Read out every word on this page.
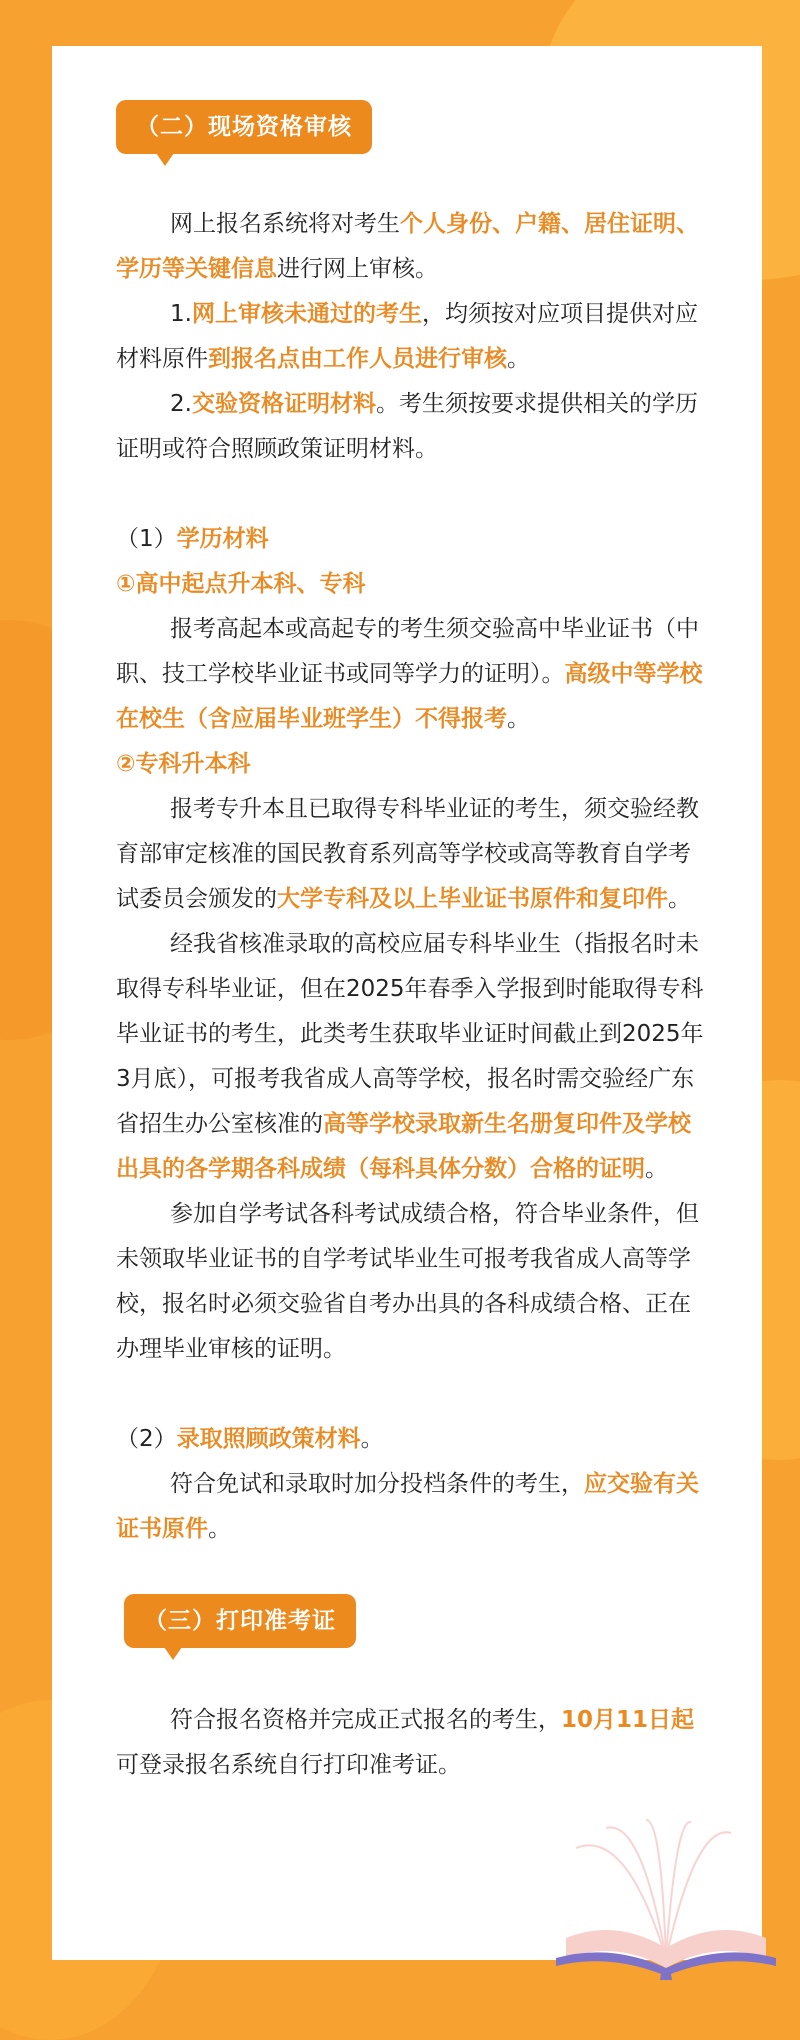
（二）现场资格审核

网上报名系统将对考生个人身份、户籍、居住证明、学历等关键信息进行网上审核。

1.网上审核未通过的考生，均须按对应项目提供对应材料原件到报名点由工作人员进行审核。

2.交验资格证明材料。考生须按要求提供相关的学历证明或符合照顾政策证明材料。

（1）学历材料

①高中起点升本科、专科

报考高起本或高起专的考生须交验高中毕业证书（中职、技工学校毕业证书或同等学力的证明）。高级中等学校在校生（含应届毕业班学生）不得报考。

②专科升本科

报考专升本且已取得专科毕业证的考生，须交验经教育部审定核准的国民教育系列高等学校或高等教育自学考试委员会颁发的大学专科及以上毕业证书原件和复印件。

经我省核准录取的高校应届专科毕业生（指报名时未取得专科毕业证，但在2025年春季入学报到时能取得专科毕业证书的考生，此类考生获取毕业证时间截止到2025年3月底），可报考我省成人高等学校，报名时需交验经广东省招生办公室核准的高等学校录取新生名册复印件及学校出具的各学期各科成绩（每科具体分数）合格的证明。

参加自学考试各科考试成绩合格，符合毕业条件，但未领取毕业证书的自学考试毕业生可报考我省成人高等学校，报名时必须交验省自考办出具的各科成绩合格、正在办理毕业审核的证明。

（2）录取照顾政策材料。

符合免试和录取时加分投档条件的考生，应交验有关证书原件。

（三）打印准考证

符合报名资格并完成正式报名的考生，10月11日起可登录报名系统自行打印准考证。
